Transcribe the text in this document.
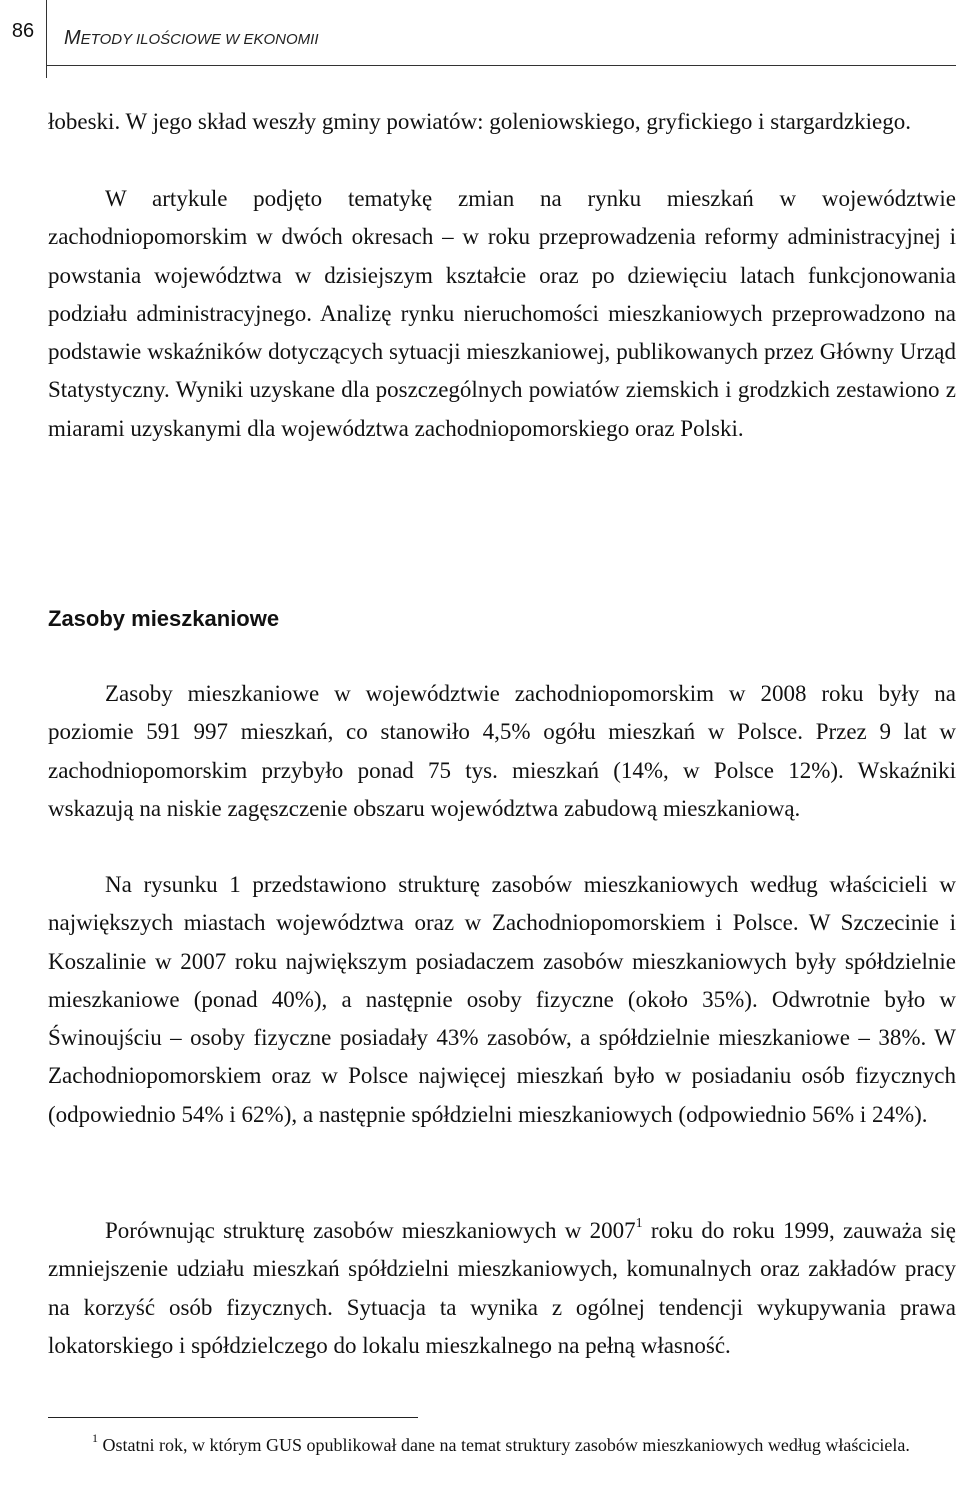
86	METODY ILOŚCIOWE W EKONOMII

łobeski. W jego skład weszły gminy powiatów: goleniowskiego, gryfickiego i stargardzkiego.

W artykule podjęto tematykę zmian na rynku mieszkań w województwie zachodniopomorskim w dwóch okresach – w roku przeprowadzenia reformy administracyjnej i powstania województwa w dzisiejszym kształcie oraz po dziewięciu latach funkcjonowania podziału administracyjnego. Analizę rynku nieruchomości mieszkaniowych przeprowadzono na podstawie wskaźników dotyczących sytuacji mieszkaniowej, publikowanych przez Główny Urząd Statystyczny. Wyniki uzyskane dla poszczególnych powiatów ziemskich i grodzkich zestawiono z miarami uzyskanymi dla województwa zachodniopomorskiego oraz Polski.

Zasoby mieszkaniowe

Zasoby mieszkaniowe w województwie zachodniopomorskim w 2008 roku były na poziomie 591 997 mieszkań, co stanowiło 4,5% ogółu mieszkań w Polsce. Przez 9 lat w zachodniopomorskim przybyło ponad 75 tys. mieszkań (14%, w Polsce 12%). Wskaźniki wskazują na niskie zagęszczenie obszaru województwa zabudową mieszkaniową.

Na rysunku 1 przedstawiono strukturę zasobów mieszkaniowych według właścicieli w największych miastach województwa oraz w Zachodniopomorskiem i Polsce. W Szczecinie i Koszalinie w 2007 roku największym posiadaczem zasobów mieszkaniowych były spółdzielnie mieszkaniowe (ponad 40%), a następnie osoby fizyczne (około 35%). Odwrotnie było w Świnoujściu – osoby fizyczne posiadały 43% zasobów, a spółdzielnie mieszkaniowe – 38%. W Zachodniopomorskiem oraz w Polsce najwięcej mieszkań było w posiadaniu osób fizycznych (odpowiednio 54% i 62%), a następnie spółdzielni mieszkaniowych (odpowiednio 56% i 24%).

Porównując strukturę zasobów mieszkaniowych w 2007$^1$ roku do roku 1999, zauważa się zmniejszenie udziału mieszkań spółdzielni mieszkaniowych, komunalnych oraz zakładów pracy na korzyść osób fizycznych. Sytuacja ta wynika z ogólnej tendencji wykupywania prawa lokatorskiego i spółdzielczego do lokalu mieszkalnego na pełną własność.

$^1$ Ostatni rok, w którym GUS opublikował dane na temat struktury zasobów mieszkaniowych według właściciela.
